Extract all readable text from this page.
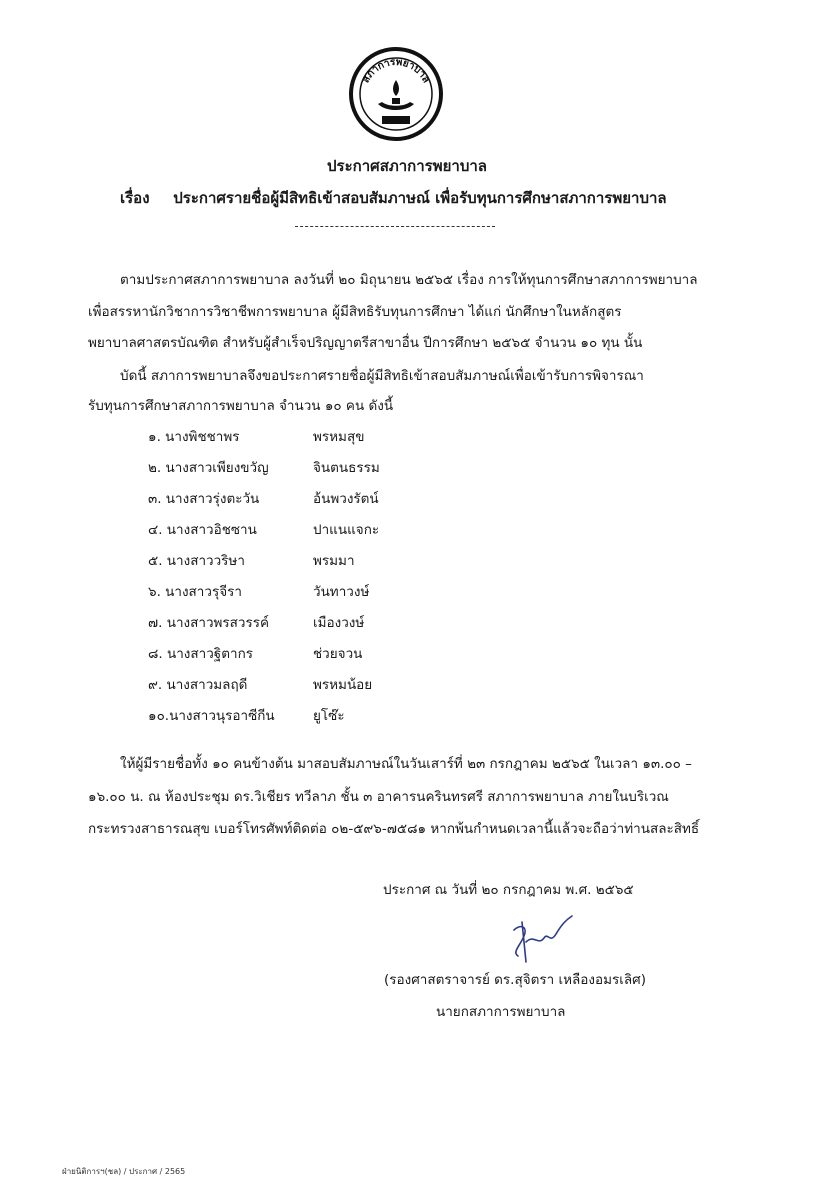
สภาการพยาบาล
ประกาศสภาการพยาบาล
เรื่อง ประกาศรายชื่อผู้มีสิทธิเข้าสอบสัมภาษณ์ เพื่อรับทุนการศึกษาสภาการพยาบาล
ตามประกาศสภาการพยาบาล ลงวันที่ ๒๐ มิถุนายน ๒๕๖๕ เรื่อง การให้ทุนการศึกษาสภาการพยาบาล
เพื่อสรรหานักวิชาการวิชาชีพการพยาบาล ผู้มีสิทธิรับทุนการศึกษา ได้แก่ นักศึกษาในหลักสูตร
พยาบาลศาสตรบัณฑิต สำหรับผู้สำเร็จปริญญาตรีสาขาอื่น ปีการศึกษา ๒๕๖๕ จำนวน ๑๐ ทุน นั้น
บัดนี้ สภาการพยาบาลจึงขอประกาศรายชื่อผู้มีสิทธิเข้าสอบสัมภาษณ์เพื่อเข้ารับการพิจารณา
รับทุนการศึกษาสภาการพยาบาล จำนวน ๑๐ คน ดังนี้
๑. นางพิชชาพร	พรหมสุข
๒. นางสาวเพียงขวัญ	จินตนธรรม
๓. นางสาวรุ่งตะวัน	อ้นพวงรัตน์
๔. นางสาวอิชซาน	ปาแนแจกะ
๕. นางสาววริษา	พรมมา
๖. นางสาวรุจีรา	วันทาวงษ์
๗. นางสาวพรสวรรค์	เมืองวงษ์
๘. นางสาวฐิตากร	ช่วยจวน
๙. นางสาวมลฤดี	พรหมน้อย
๑๐.นางสาวนุรอาซีกีน	ยูโซ๊ะ
ให้ผู้มีรายชื่อทั้ง ๑๐ คนข้างต้น มาสอบสัมภาษณ์ในวันเสาร์ที่ ๒๓ กรกฎาคม ๒๕๖๕ ในเวลา ๑๓.๐๐ –
๑๖.๐๐ น. ณ ห้องประชุม ดร.วิเชียร ทวีลาภ ชั้น ๓ อาคารนครินทรศรี สภาการพยาบาล ภายในบริเวณ
กระทรวงสาธารณสุข เบอร์โทรศัพท์ติดต่อ ๐๒-๕๙๖-๗๕๘๑ หากพ้นกำหนดเวลานี้แล้วจะถือว่าท่านสละสิทธิ์
ประกาศ ณ วันที่ ๒๐ กรกฎาคม พ.ศ. ๒๕๖๕
(รองศาสตราจารย์ ดร.สุจิตรา เหลืองอมรเลิศ)
นายกสภาการพยาบาล
ฝ่ายนิติการฯ(ชล) / ประกาศ / 2565
